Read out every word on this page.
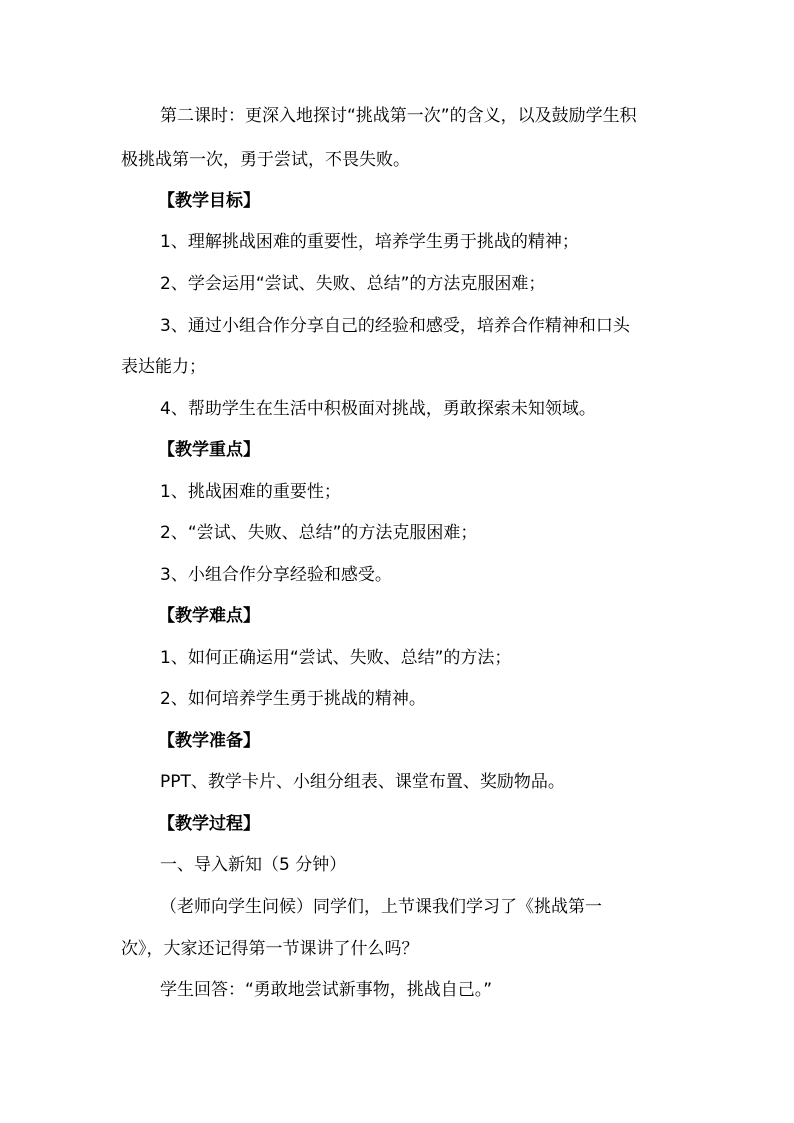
第二课时：更深入地探讨“挑战第一次”的含义，以及鼓励学生积
极挑战第一次，勇于尝试，不畏失败。
【教学目标】
1、理解挑战困难的重要性，培养学生勇于挑战的精神；
2、学会运用“尝试、失败、总结”的方法克服困难；
3、通过小组合作分享自己的经验和感受，培养合作精神和口头
表达能力；
4、帮助学生在生活中积极面对挑战，勇敢探索未知领域。
【教学重点】
1、挑战困难的重要性；
2、“尝试、失败、总结”的方法克服困难；
3、小组合作分享经验和感受。
【教学难点】
1、如何正确运用“尝试、失败、总结”的方法；
2、如何培养学生勇于挑战的精神。
【教学准备】
PPT、教学卡片、小组分组表、课堂布置、奖励物品。
【教学过程】
一、导入新知（5 分钟）
（老师向学生问候）同学们，上节课我们学习了《挑战第一
次》，大家还记得第一节课讲了什么吗？
学生回答：“勇敢地尝试新事物，挑战自己。”
